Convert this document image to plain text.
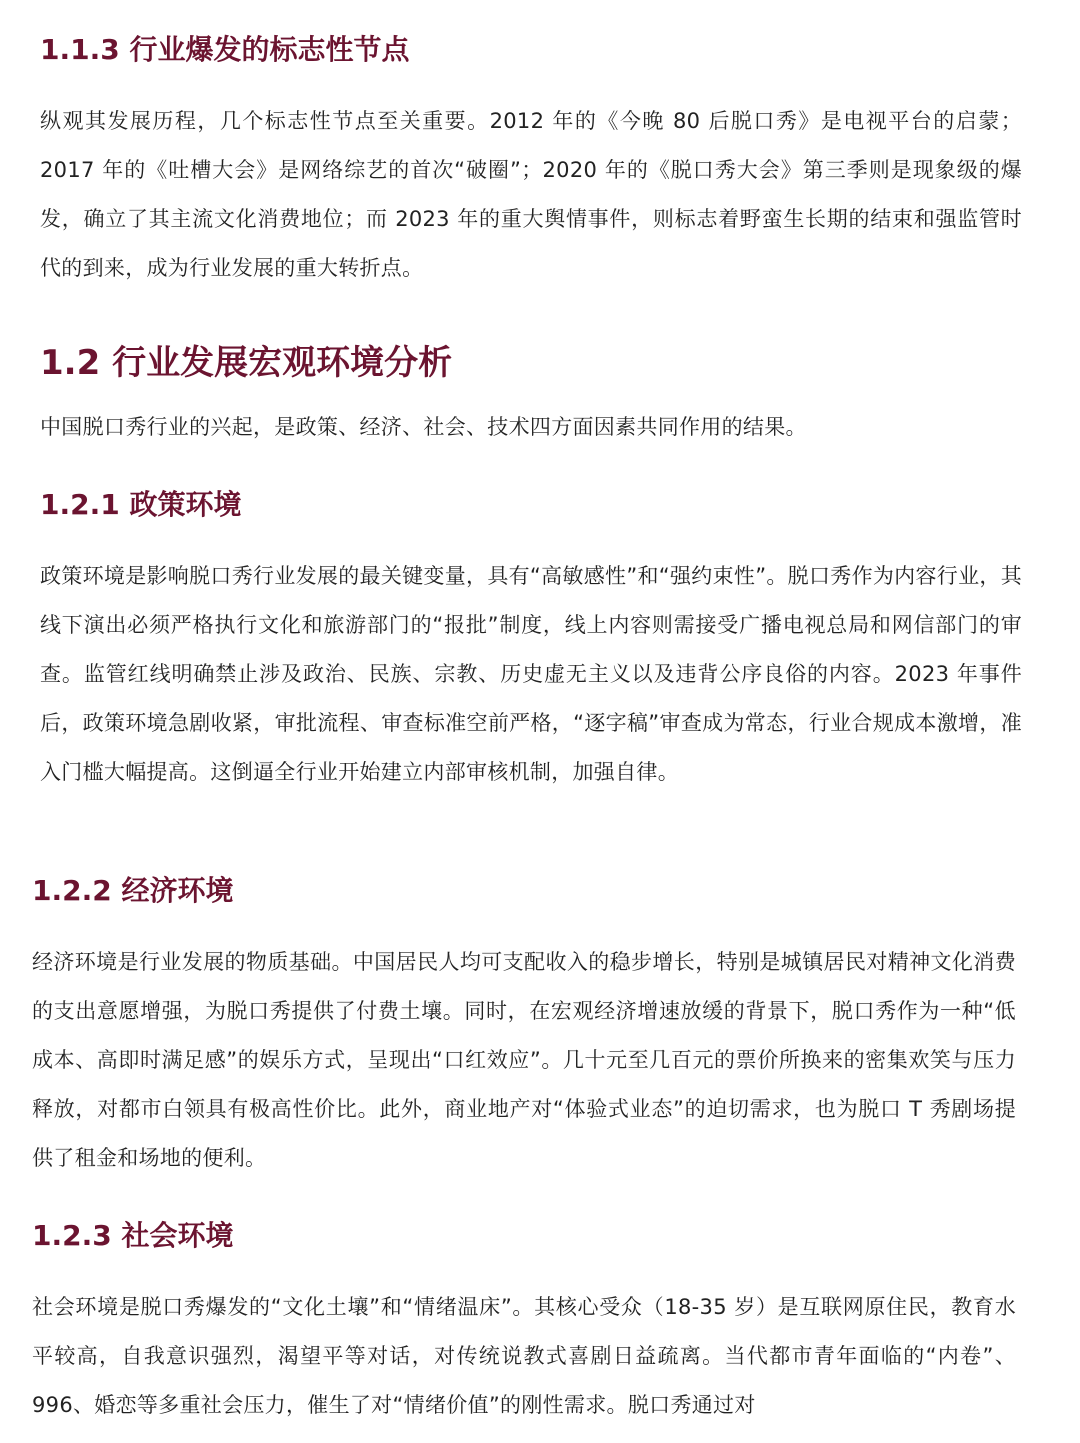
1.1.3 行业爆发的标志性节点

纵观其发展历程，几个标志性节点至关重要。2012 年的《今晚 80 后脱口秀》是电视平台的启蒙；2017 年的《吐槽大会》是网络综艺的首次“破圈”；2020 年的《脱口秀大会》第三季则是现象级的爆发，确立了其主流文化消费地位；而 2023 年的重大舆情事件，则标志着野蛮生长期的结束和强监管时代的到来，成为行业发展的重大转折点。

1.2 行业发展宏观环境分析

中国脱口秀行业的兴起，是政策、经济、社会、技术四方面因素共同作用的结果。

1.2.1 政策环境

政策环境是影响脱口秀行业发展的最关键变量，具有“高敏感性”和“强约束性”。脱口秀作为内容行业，其线下演出必须严格执行文化和旅游部门的“报批”制度，线上内容则需接受广播电视总局和网信部门的审查。监管红线明确禁止涉及政治、民族、宗教、历史虚无主义以及违背公序良俗的内容。2023 年事件后，政策环境急剧收紧，审批流程、审查标准空前严格，“逐字稿”审查成为常态，行业合规成本激增，准入门槛大幅提高。这倒逼全行业开始建立内部审核机制，加强自律。

1.2.2 经济环境

经济环境是行业发展的物质基础。中国居民人均可支配收入的稳步增长，特别是城镇居民对精神文化消费的支出意愿增强，为脱口秀提供了付费土壤。同时，在宏观经济增速放缓的背景下，脱口秀作为一种“低成本、高即时满足感”的娱乐方式，呈现出“口红效应”。几十元至几百元的票价所换来的密集欢笑与压力释放，对都市白领具有极高性价比。此外，商业地产对“体验式业态”的迫切需求，也为脱口 T 秀剧场提供了租金和场地的便利。

1.2.3 社会环境

社会环境是脱口秀爆发的“文化土壤”和“情绪温床”。其核心受众（18-35 岁）是互联网原住民，教育水平较高，自我意识强烈，渴望平等对话，对传统说教式喜剧日益疏离。当代都市青年面临的“内卷”、996、婚恋等多重社会压力，催生了对“情绪价值”的刚性需求。脱口秀通过对
